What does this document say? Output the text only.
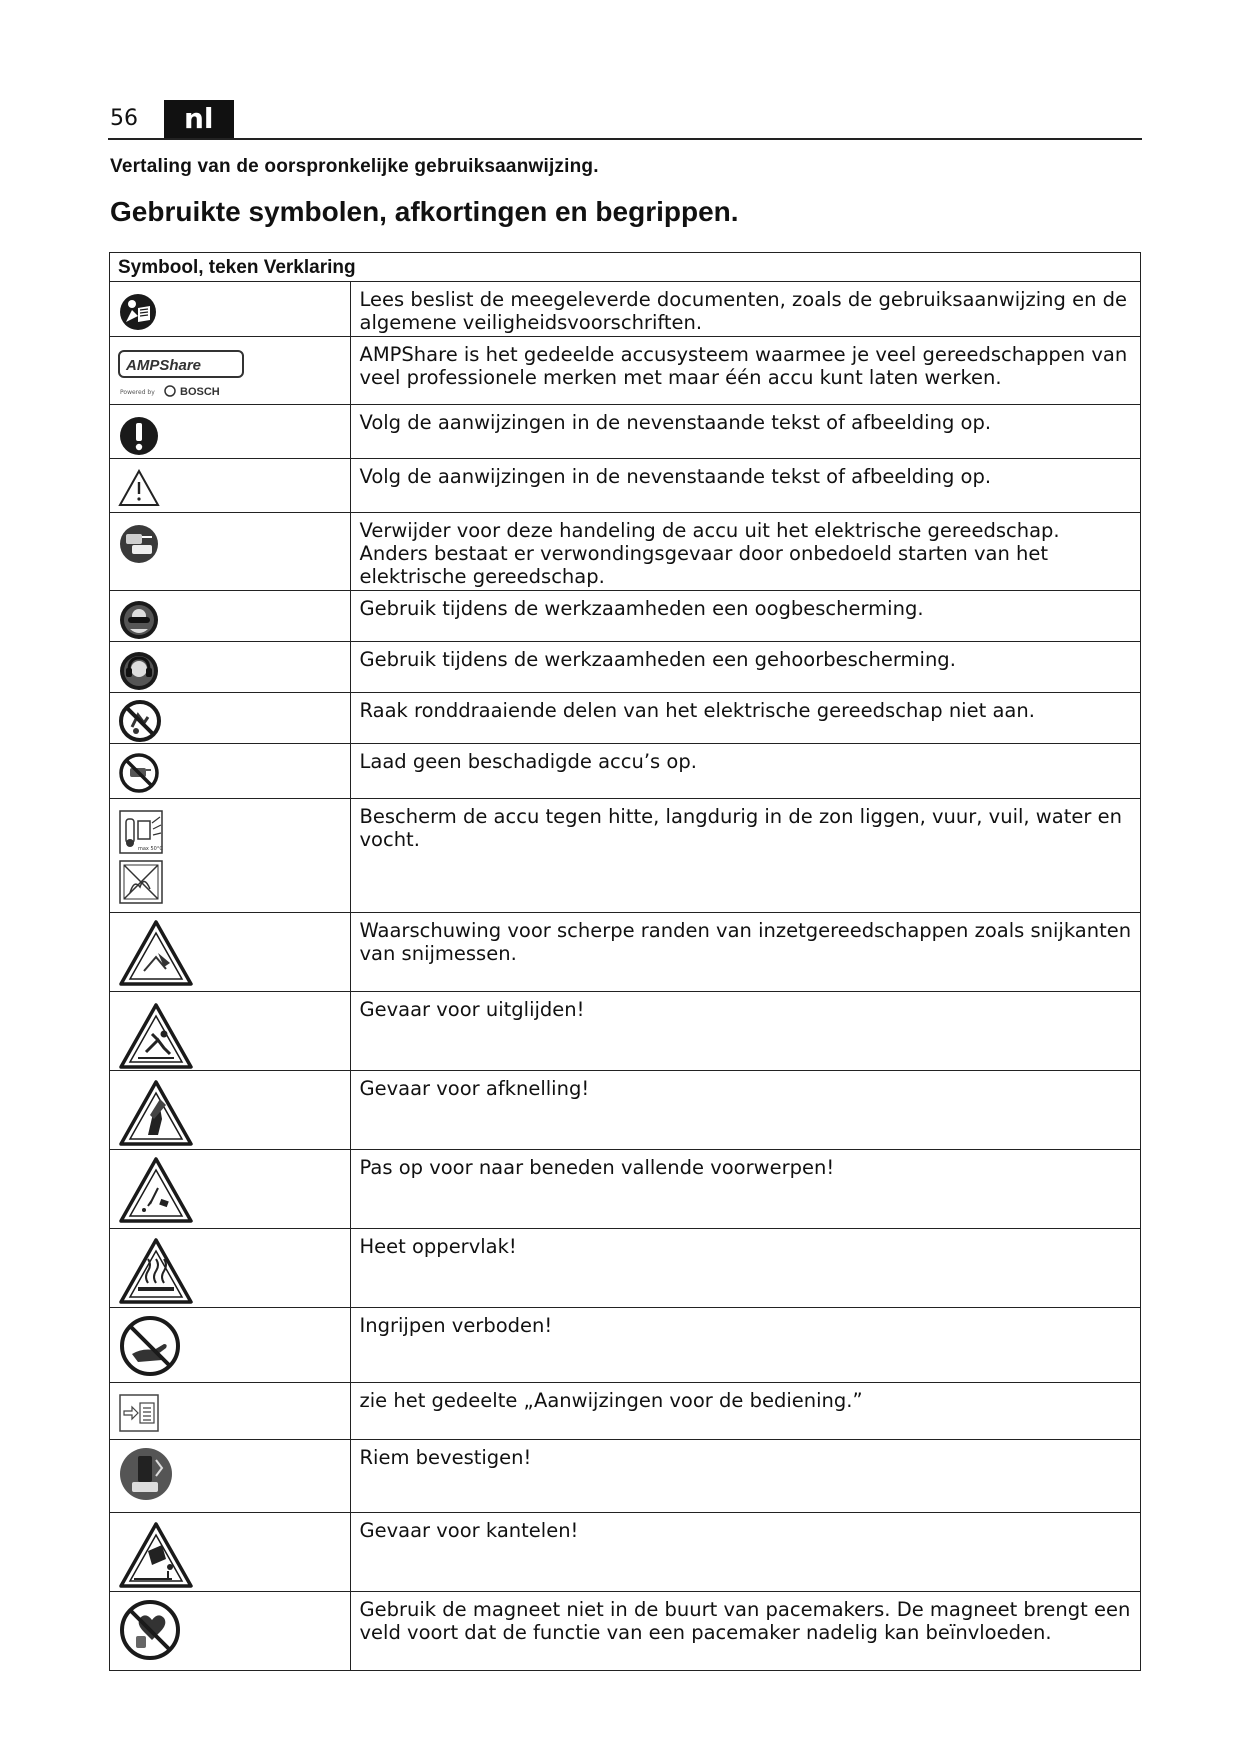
56	nl
Vertaling van de oorspronkelijke gebruiksaanwijzing.
Gebruikte symbolen, afkortingen en begrippen.
Symbool, teken Verklaring	

	Lees beslist de meegeleverde documenten, zoals de gebruiksaanwijzing en de algemene veiligheidsvoorschriften.

AMPShare
Powered by BOSCH	AMPShare is het gedeelde accusysteem waarmee je veel gereedschappen van veel professionele merken met maar één accu kunt laten werken.

	Volg de aanwijzingen in de nevenstaande tekst of afbeelding op.

	Volg de aanwijzingen in de nevenstaande tekst of afbeelding op.

	Verwijder voor deze handeling de accu uit het elektrische gereedschap. Anders bestaat er verwondingsgevaar door onbedoeld starten van het elektrische gereedschap.

	Gebruik tijdens de werkzaamheden een oogbescherming.

	Gebruik tijdens de werkzaamheden een gehoorbescherming.

	Raak ronddraaiende delen van het elektrische gereedschap niet aan.

	Laad geen beschadigde accu’s op.

max 50°C	Bescherm de accu tegen hitte, langdurig in de zon liggen, vuur, vuil, water en vocht.

	Waarschuwing voor scherpe randen van inzetgereedschappen zoals snijkanten van snijmessen.

	Gevaar voor uitglijden!

	Gevaar voor afknelling!

	Pas op voor naar beneden vallende voorwerpen!

	Heet oppervlak!

	Ingrijpen verboden!

	zie het gedeelte „Aanwijzingen voor de bediening.”

	Riem bevestigen!

	Gevaar voor kantelen!

	Gebruik de magneet niet in de buurt van pacemakers. De magneet brengt een veld voort dat de functie van een pacemaker nadelig kan beïnvloeden.
